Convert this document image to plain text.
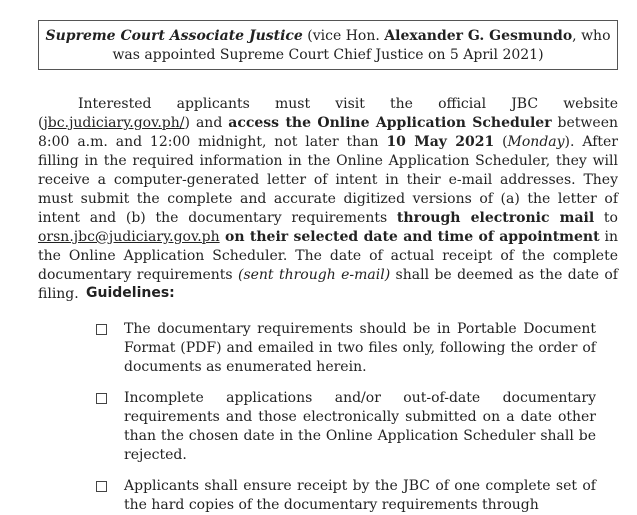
Supreme Court Associate Justice (vice Hon. Alexander G. Gesmundo, who was appointed Supreme Court Chief Justice on 5 April 2021)
Interested applicants must visit the official JBC website (jbc.judiciary.gov.ph/) and access the Online Application Scheduler between 8:00 a.m. and 12:00 midnight, not later than 10 May 2021 (Monday). After filling in the required information in the Online Application Scheduler, they will receive a computer-generated letter of intent in their e-mail addresses. They must submit the complete and accurate digitized versions of (a) the letter of intent and (b) the documentary requirements through electronic mail to orsn.jbc@judiciary.gov.ph on their selected date and time of appointment in the Online Application Scheduler. The date of actual receipt of the complete documentary requirements (sent through e-mail) shall be deemed as the date of filing. Guidelines:
The documentary requirements should be in Portable Document Format (PDF) and emailed in two files only, following the order of documents as enumerated herein.
Incomplete applications and/or out-of-date documentary requirements and those electronically submitted on a date other than the chosen date in the Online Application Scheduler shall be rejected.
Applicants shall ensure receipt by the JBC of one complete set of the hard copies of the documentary requirements through
